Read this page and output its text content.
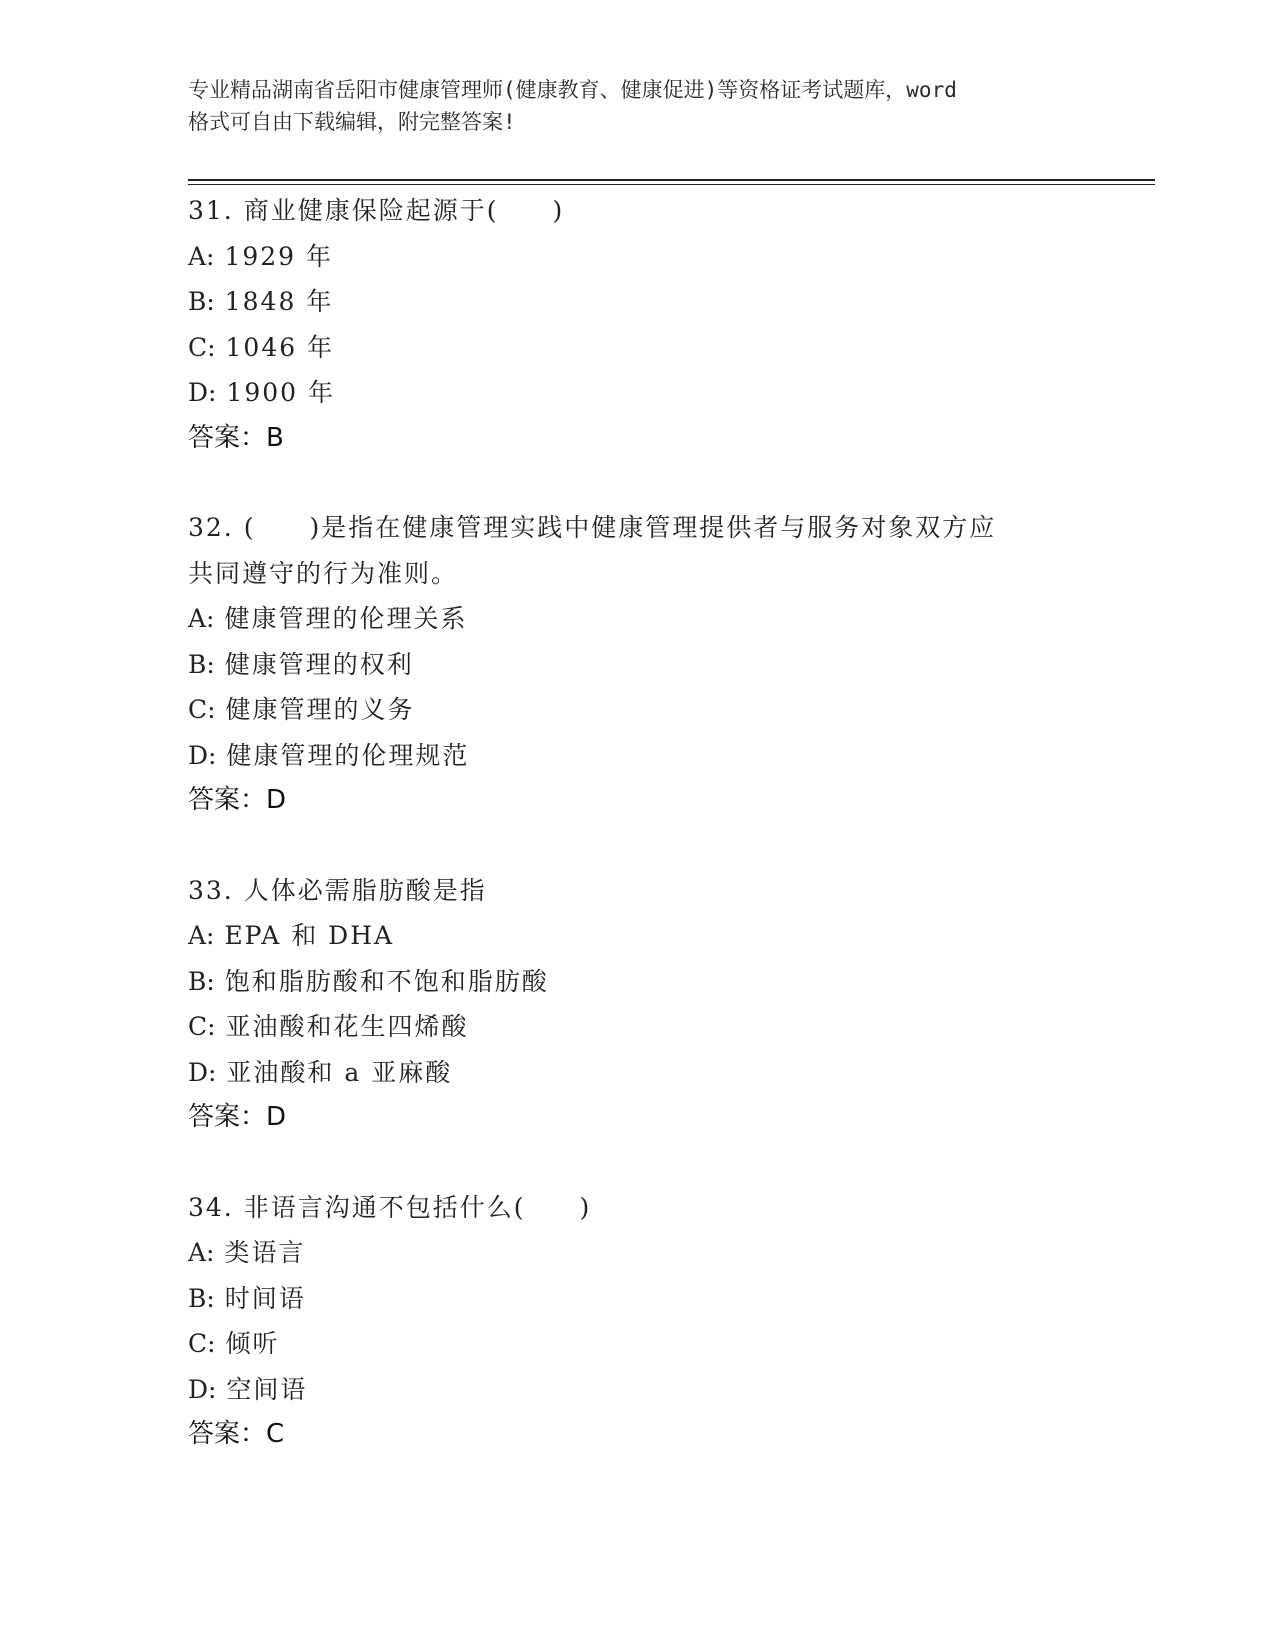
专业精品湖南省岳阳市健康管理师(健康教育、健康促进)等资格证考试题库，word
格式可自由下载编辑，附完整答案!
31. 商业健康保险起源于(　　)
A: 1929 年
B: 1848 年
C: 1046 年
D: 1900 年
答案：B
32. (　　)是指在健康管理实践中健康管理提供者与服务对象双方应
共同遵守的行为准则。
A: 健康管理的伦理关系
B: 健康管理的权利
C: 健康管理的义务
D: 健康管理的伦理规范
答案：D
33. 人体必需脂肪酸是指
A: EPA 和 DHA
B: 饱和脂肪酸和不饱和脂肪酸
C: 亚油酸和花生四烯酸
D: 亚油酸和 a 亚麻酸
答案：D
34. 非语言沟通不包括什么(　　)
A: 类语言
B: 时间语
C: 倾听
D: 空间语
答案：C
